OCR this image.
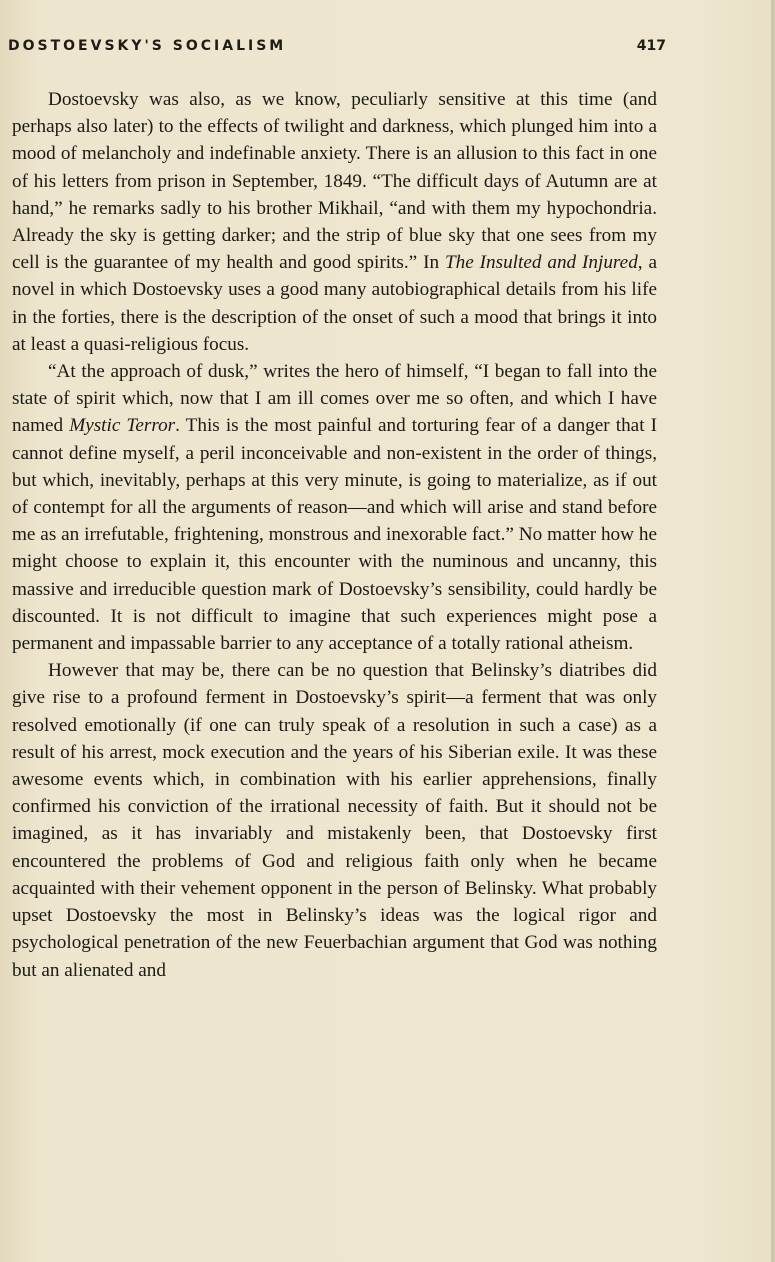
DOSTOEVSKY'S SOCIALISM	417

Dostoevsky was also, as we know, peculiarly sensitive at this time (and perhaps also later) to the effects of twilight and darkness, which plunged him into a mood of melancholy and indefinable anxiety. There is an allusion to this fact in one of his letters from prison in September, 1849. “The difficult days of Autumn are at hand,” he remarks sadly to his brother Mikhail, “and with them my hypochondria. Already the sky is getting darker; and the strip of blue sky that one sees from my cell is the guarantee of my health and good spirits.” In The Insulted and Injured, a novel in which Dostoevsky uses a good many autobiographical details from his life in the forties, there is the description of the onset of such a mood that brings it into at least a quasi-religious focus.

“At the approach of dusk,” writes the hero of himself, “I began to fall into the state of spirit which, now that I am ill comes over me so often, and which I have named Mystic Terror. This is the most painful and torturing fear of a danger that I cannot define myself, a peril inconceivable and non-existent in the order of things, but which, inevitably, perhaps at this very minute, is going to materialize, as if out of contempt for all the arguments of reason—and which will arise and stand before me as an irrefutable, frightening, monstrous and inexorable fact.” No matter how he might choose to explain it, this encounter with the numinous and uncanny, this massive and irreducible question mark of Dostoevsky’s sensibility, could hardly be discounted. It is not difficult to imagine that such experiences might pose a permanent and impassable barrier to any acceptance of a totally rational atheism.

However that may be, there can be no question that Belinsky’s diatribes did give rise to a profound ferment in Dostoevsky’s spirit—a ferment that was only resolved emotionally (if one can truly speak of a resolution in such a case) as a result of his arrest, mock execution and the years of his Siberian exile. It was these awesome events which, in combination with his earlier apprehensions, finally confirmed his conviction of the irrational necessity of faith. But it should not be imagined, as it has invariably and mistakenly been, that Dostoevsky first encountered the problems of God and religious faith only when he became acquainted with their vehement opponent in the person of Belinsky. What probably upset Dostoevsky the most in Belinsky’s ideas was the logical rigor and psychological penetration of the new Feuerbachian argument that God was nothing but an alienated and
